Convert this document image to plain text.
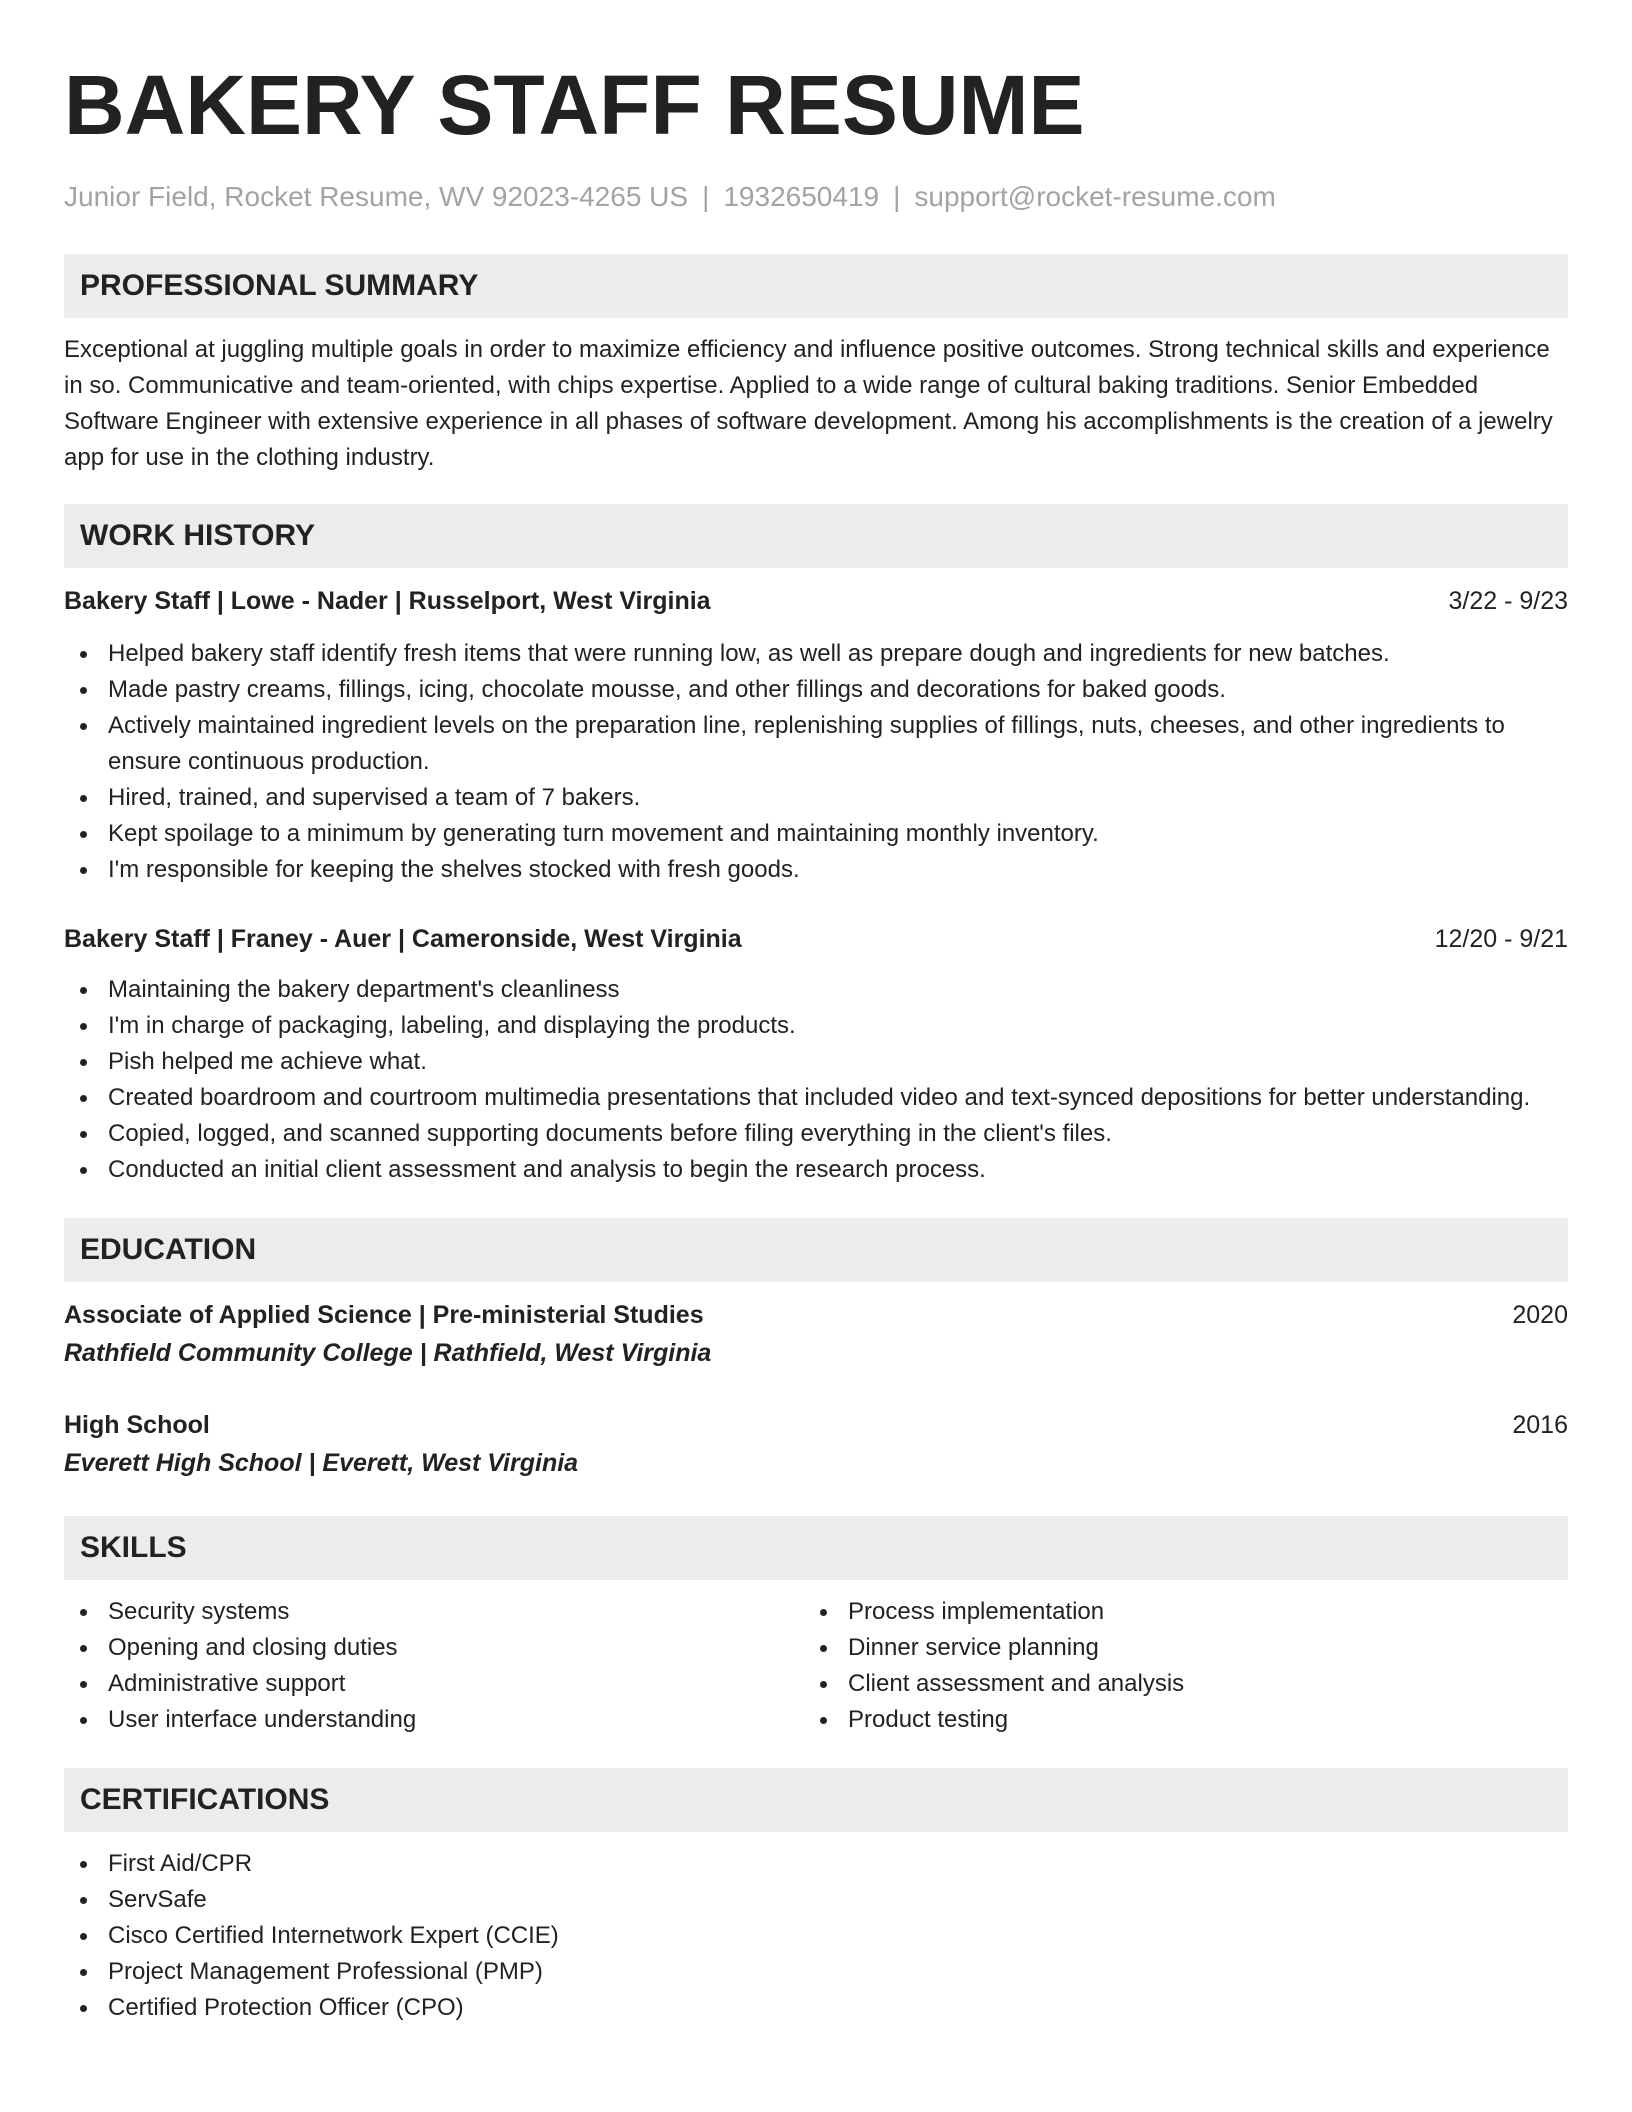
BAKERY STAFF RESUME
Junior Field, Rocket Resume, WV 92023-4265 US | 1932650419 | support@rocket-resume.com
PROFESSIONAL SUMMARY

Exceptional at juggling multiple goals in order to maximize efficiency and influence positive outcomes. Strong technical skills and experience in so. Communicative and team-oriented, with chips expertise. Applied to a wide range of cultural baking traditions. Senior Embedded Software Engineer with extensive experience in all phases of software development. Among his accomplishments is the creation of a jewelry app for use in the clothing industry.

WORK HISTORY
Bakery Staff | Lowe - Nader | Russelport, West Virginia	3/22 - 9/23
Helped bakery staff identify fresh items that were running low, as well as prepare dough and ingredients for new batches.
Made pastry creams, fillings, icing, chocolate mousse, and other fillings and decorations for baked goods.
Actively maintained ingredient levels on the preparation line, replenishing supplies of fillings, nuts, cheeses, and other ingredients to ensure continuous production.
Hired, trained, and supervised a team of 7 bakers.
Kept spoilage to a minimum by generating turn movement and maintaining monthly inventory.
I'm responsible for keeping the shelves stocked with fresh goods.
Bakery Staff | Franey - Auer | Cameronside, West Virginia	12/20 - 9/21
Maintaining the bakery department's cleanliness
I'm in charge of packaging, labeling, and displaying the products.
Pish helped me achieve what.
Created boardroom and courtroom multimedia presentations that included video and text-synced depositions for better understanding.
Copied, logged, and scanned supporting documents before filing everything in the client's files.
Conducted an initial client assessment and analysis to begin the research process.
EDUCATION
Associate of Applied Science | Pre-ministerial Studies	2020
Rathfield Community College | Rathfield, West Virginia
High School	2016
Everett High School | Everett, West Virginia
SKILLS
Security systems
Opening and closing duties
Administrative support
User interface understanding
Process implementation
Dinner service planning
Client assessment and analysis
Product testing
CERTIFICATIONS
First Aid/CPR
ServSafe
Cisco Certified Internetwork Expert (CCIE)
Project Management Professional (PMP)
Certified Protection Officer (CPO)
